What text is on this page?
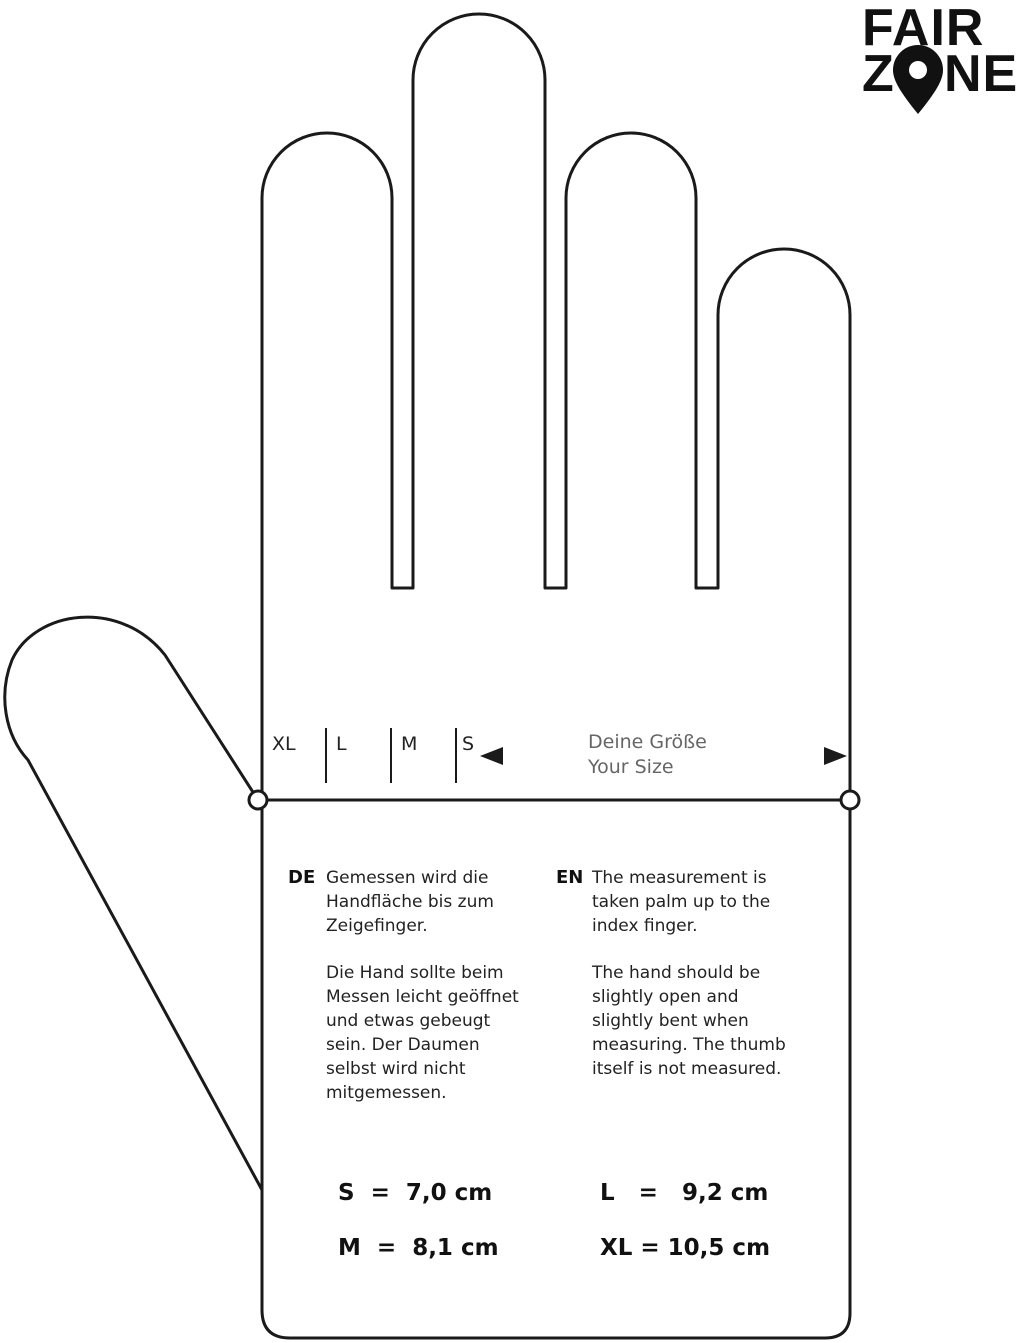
FAIR
Z NE
XL L	M S	Deine Größe
Your Size
DE Gemessen wird die
Handfläche bis zum
Zeigefinger.
Die Hand sollte beim
Messen leicht geöffnet
und etwas gebeugt
sein. Der Daumen
selbst wird nicht
mitgemessen.
EN The measurement is
taken palm up to the
index finger.
The hand should be
slightly open and
slightly bent when
measuring. The thumb
itself is not measured.
S  =  7,0 cm
M  =  8,1 cm
L   =   9,2 cm
XL = 10,5 cm
